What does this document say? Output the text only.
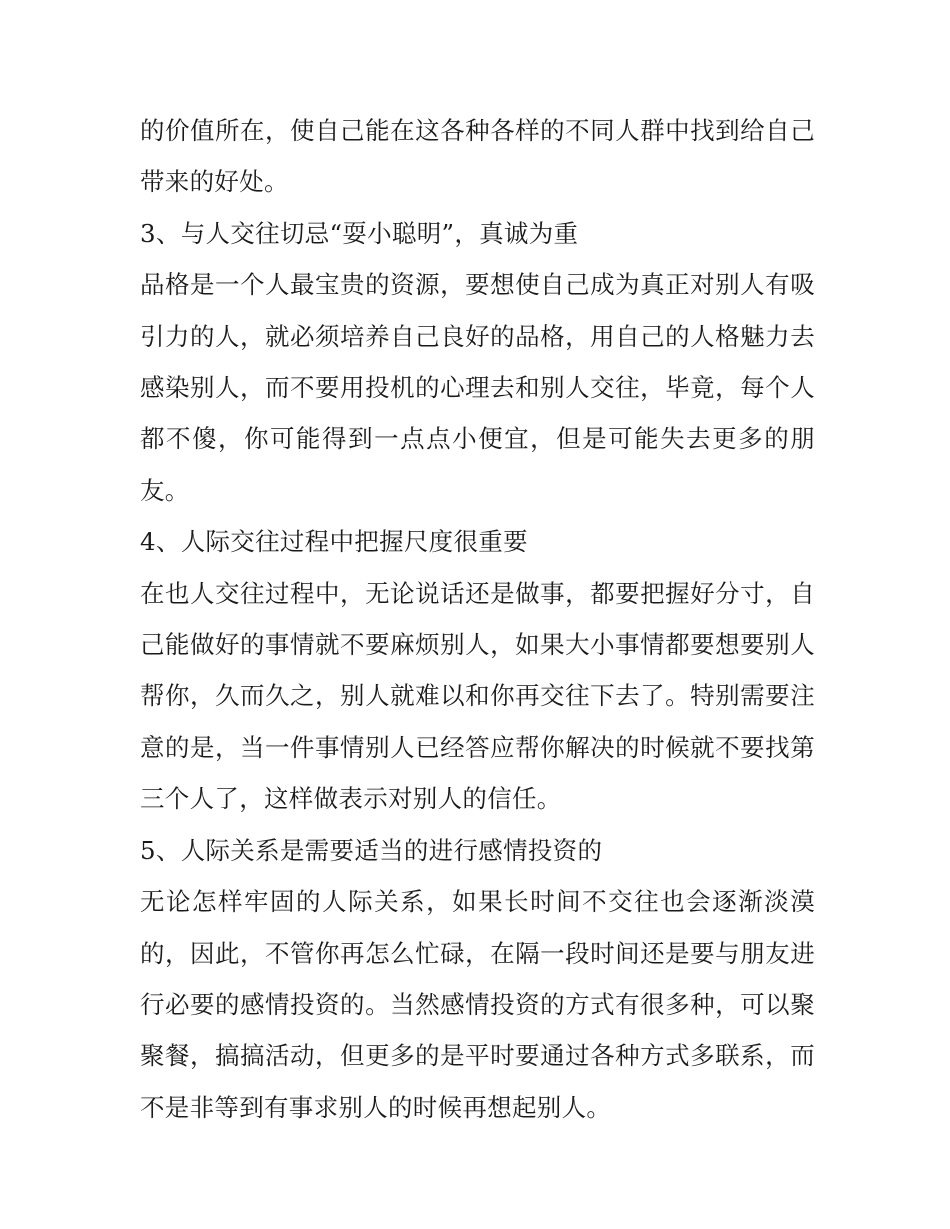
的价值所在，使自己能在这各种各样的不同人群中找到给自己带来的好处。

3、与人交往切忌“耍小聪明”，真诚为重

品格是一个人最宝贵的资源，要想使自己成为真正对别人有吸引力的人，就必须培养自己良好的品格，用自己的人格魅力去感染别人，而不要用投机的心理去和别人交往，毕竟，每个人都不傻，你可能得到一点点小便宜，但是可能失去更多的朋友。

4、人际交往过程中把握尺度很重要

在也人交往过程中，无论说话还是做事，都要把握好分寸，自己能做好的事情就不要麻烦别人，如果大小事情都要想要别人帮你，久而久之，别人就难以和你再交往下去了。特别需要注意的是，当一件事情别人已经答应帮你解决的时候就不要找第三个人了，这样做表示对别人的信任。

5、人际关系是需要适当的进行感情投资的

无论怎样牢固的人际关系，如果长时间不交往也会逐渐淡漠的，因此，不管你再怎么忙碌，在隔一段时间还是要与朋友进行必要的感情投资的。当然感情投资的方式有很多种，可以聚聚餐，搞搞活动，但更多的是平时要通过各种方式多联系，而不是非等到有事求别人的时候再想起别人。
